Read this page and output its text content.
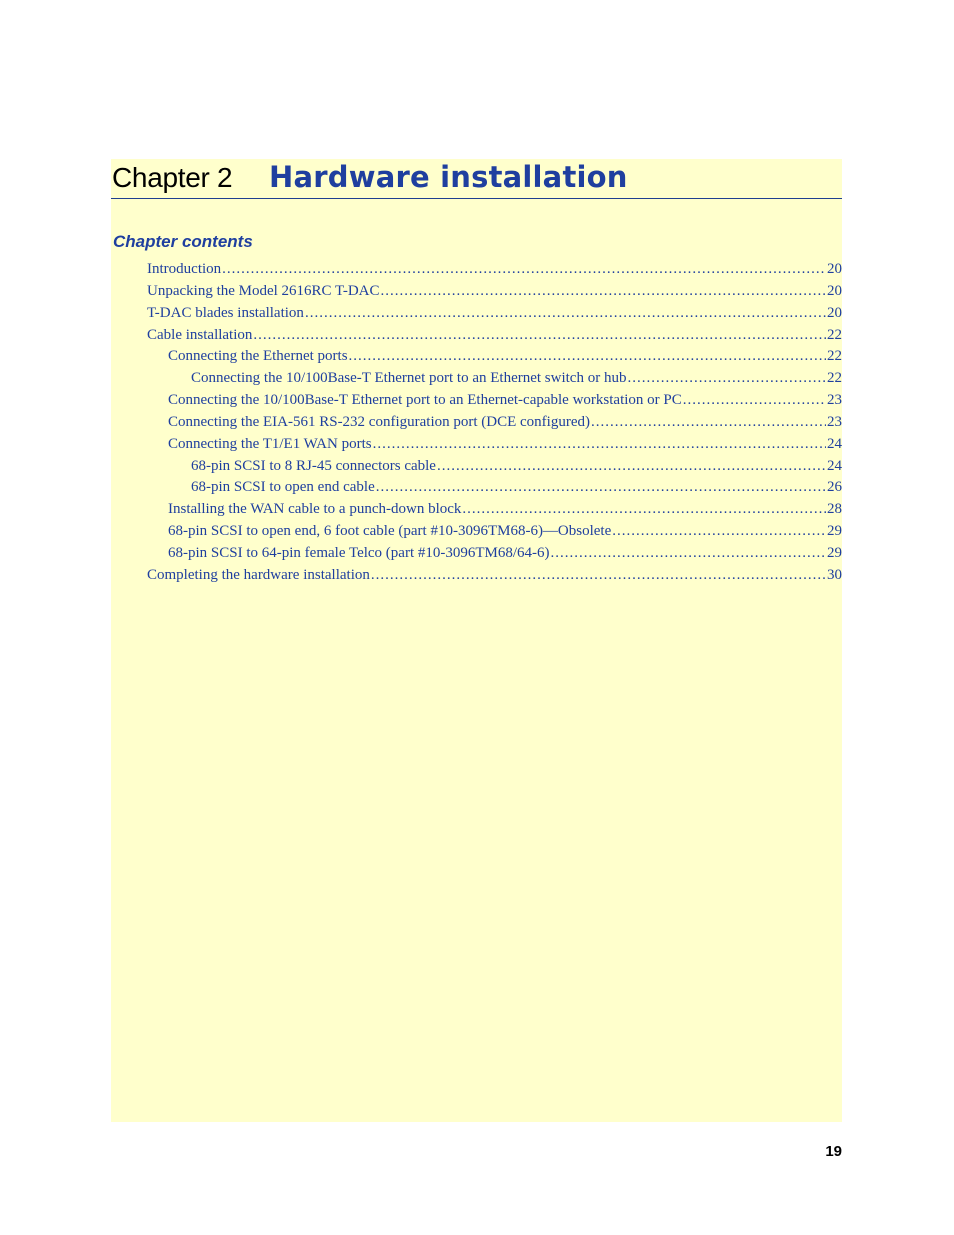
Chapter 2 Hardware installation
Chapter contents
Introduction .....	20
Unpacking the Model 2616RC T-DAC .....	20
T-DAC blades installation .....	20
Cable installation .....	22
Connecting the Ethernet ports .....	22
Connecting the 10/100Base-T Ethernet port to an Ethernet switch or hub .....	22
Connecting the 10/100Base-T Ethernet port to an Ethernet-capable workstation or PC .....	23
Connecting the EIA-561 RS-232 configuration port (DCE configured) .....	23
Connecting the T1/E1 WAN ports .....	24
68-pin SCSI to 8 RJ-45 connectors cable .....	24
68-pin SCSI to open end cable .....	26
Installing the WAN cable to a punch-down block .....	28
68-pin SCSI to open end, 6 foot cable (part #10-3096TM68-6)—Obsolete .....	29
68-pin SCSI to 64-pin female Telco (part #10-3096TM68/64-6) .....	29
Completing the hardware installation .....	30
19
